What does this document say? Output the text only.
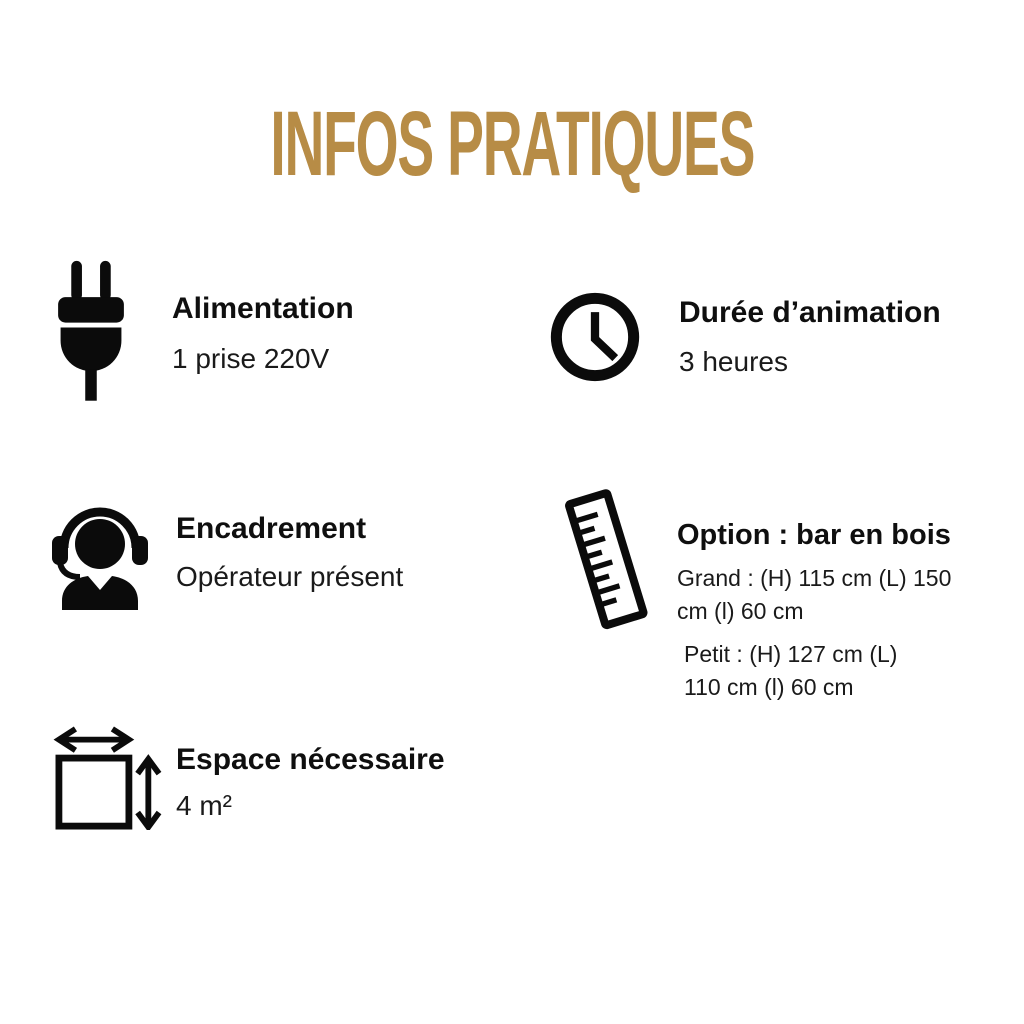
INFOS PRATIQUES
Alimentation
1 prise 220V
Durée d’animation
3 heures
Encadrement
Opérateur présent
Option : bar en bois
Grand : (H) 115 cm (L) 150
cm (l) 60 cm
Petit : (H) 127 cm (L)
110 cm (l) 60 cm
Espace nécessaire
4 m²
